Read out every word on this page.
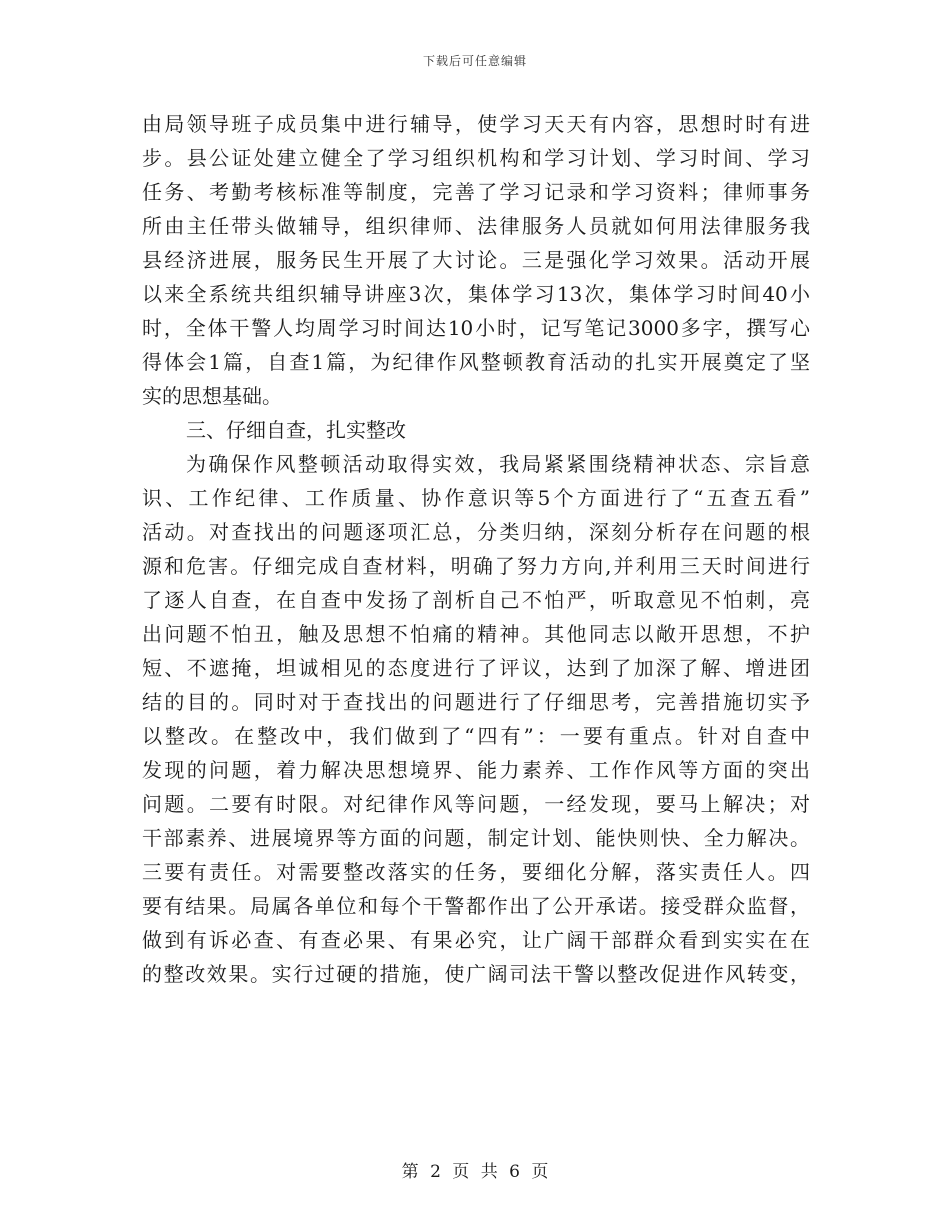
下载后可任意编辑
由局领导班子成员集中进行辅导，使学习天天有内容，思想时时有进
步。县公证处建立健全了学习组织机构和学习计划、学习时间、学习
任务、考勤考核标准等制度，完善了学习记录和学习资料；律师事务
所由主任带头做辅导，组织律师、法律服务人员就如何用法律服务我
县经济进展，服务民生开展了大讨论。三是强化学习效果。活动开展
以来全系统共组织辅导讲座3次，集体学习13次，集体学习时间40小
时，全体干警人均周学习时间达10小时，记写笔记3000多字，撰写心
得体会1篇，自查1篇，为纪律作风整顿教育活动的扎实开展奠定了坚
实的思想基础。
三、仔细自查，扎实整改
为确保作风整顿活动取得实效，我局紧紧围绕精神状态、宗旨意
识、工作纪律、工作质量、协作意识等5个方面进行了“五查五看”
活动。对查找出的问题逐项汇总，分类归纳，深刻分析存在问题的根
源和危害。仔细完成自查材料，明确了努力方向,并利用三天时间进行
了逐人自查，在自查中发扬了剖析自己不怕严，听取意见不怕刺，亮
出问题不怕丑，触及思想不怕痛的精神。其他同志以敞开思想，不护
短、不遮掩，坦诚相见的态度进行了评议，达到了加深了解、增进团
结的目的。同时对于查找出的问题进行了仔细思考，完善措施切实予
以整改。在整改中，我们做到了“四有”：一要有重点。针对自查中
发现的问题，着力解决思想境界、能力素养、工作作风等方面的突出
问题。二要有时限。对纪律作风等问题，一经发现，要马上解决；对
干部素养、进展境界等方面的问题，制定计划、能快则快、全力解决。
三要有责任。对需要整改落实的任务，要细化分解，落实责任人。四
要有结果。局属各单位和每个干警都作出了公开承诺。接受群众监督，
做到有诉必查、有查必果、有果必究，让广阔干部群众看到实实在在
的整改效果。实行过硬的措施，使广阔司法干警以整改促进作风转变，
第 2 页 共 6 页
